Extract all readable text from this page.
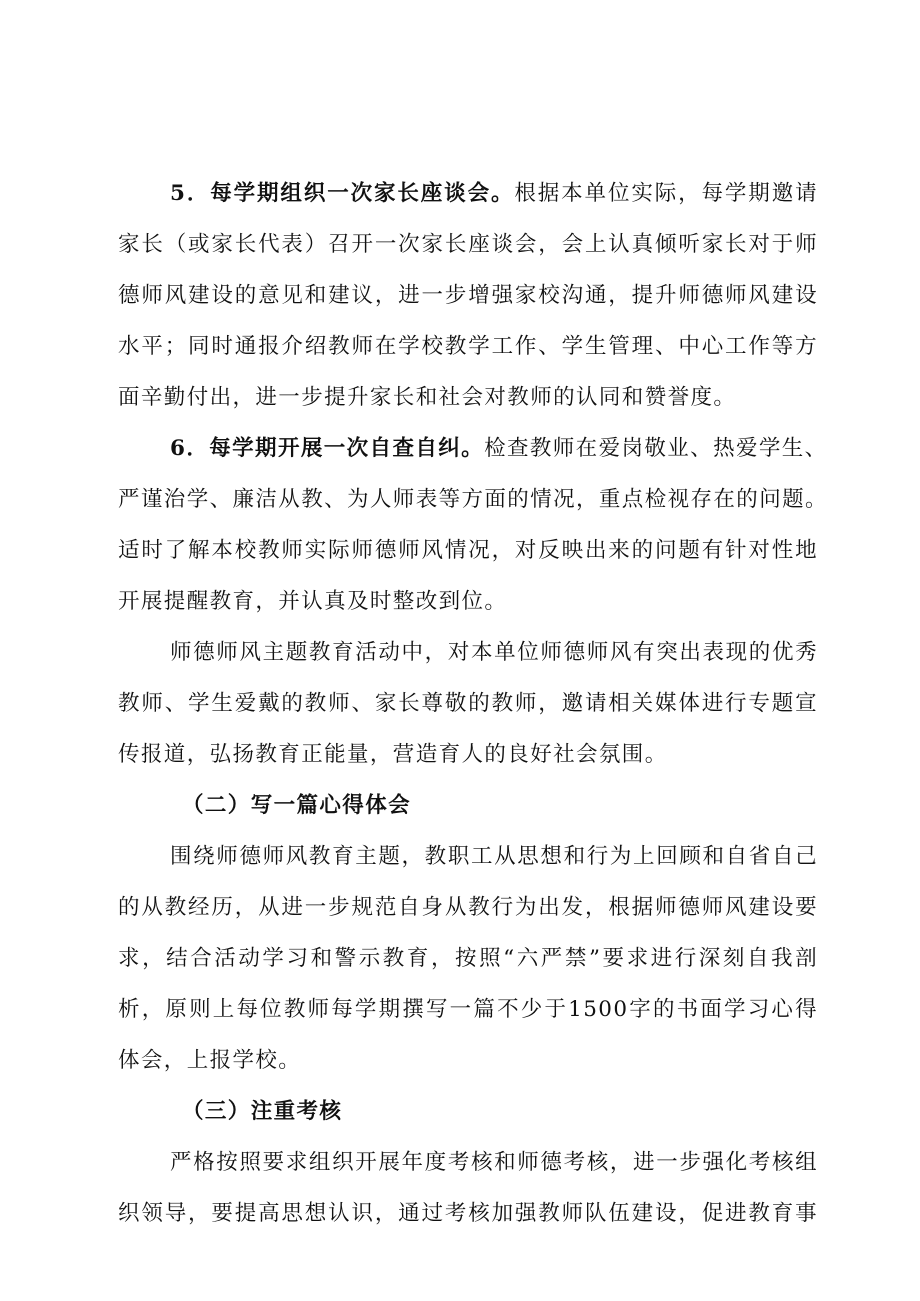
5．每学期组织一次家长座谈会。根据本单位实际，每学期邀请
家长（或家长代表）召开一次家长座谈会，会上认真倾听家长对于师
德师风建设的意见和建议，进一步增强家校沟通，提升师德师风建设
水平；同时通报介绍教师在学校教学工作、学生管理、中心工作等方
面辛勤付出，进一步提升家长和社会对教师的认同和赞誉度。
6．每学期开展一次自查自纠。检查教师在爱岗敬业、热爱学生、
严谨治学、廉洁从教、为人师表等方面的情况，重点检视存在的问题。
适时了解本校教师实际师德师风情况，对反映出来的问题有针对性地
开展提醒教育，并认真及时整改到位。
师德师风主题教育活动中，对本单位师德师风有突出表现的优秀
教师、学生爱戴的教师、家长尊敬的教师，邀请相关媒体进行专题宣
传报道，弘扬教育正能量，营造育人的良好社会氛围。
（二）写一篇心得体会
围绕师德师风教育主题，教职工从思想和行为上回顾和自省自己
的从教经历，从进一步规范自身从教行为出发，根据师德师风建设要
求，结合活动学习和警示教育，按照“六严禁”要求进行深刻自我剖
析，原则上每位教师每学期撰写一篇不少于1500字的书面学习心得
体会，上报学校。
（三）注重考核
严格按照要求组织开展年度考核和师德考核，进一步强化考核组
织领导，要提高思想认识，通过考核加强教师队伍建设，促进教育事
